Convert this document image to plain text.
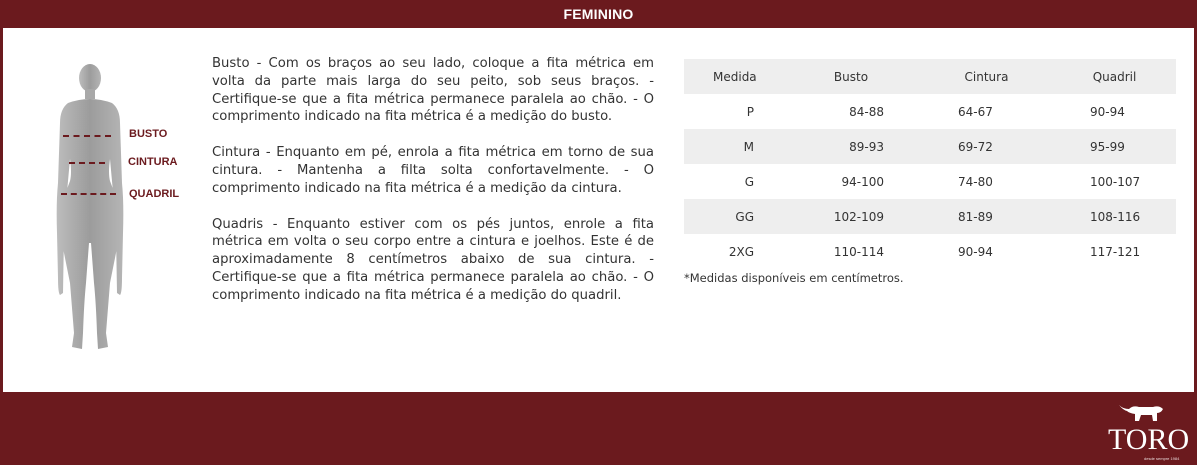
FEMININO
BUSTO
CINTURA
QUADRIL

Busto - Com os braços ao seu lado, coloque a fita métrica em volta da parte mais larga do seu peito, sob seus braços. - Certifique-se que a fita métrica permanece paralela ao chão. - O comprimento indicado na fita métrica é a medição do busto.

Cintura - Enquanto em pé, enrola a fita métrica em torno de sua cintura. - Mantenha a filta solta confortavelmente. - O comprimento indicado na fita métrica é a medição da cintura.

Quadris - Enquanto estiver com os pés juntos, enrole a fita métrica em volta o seu corpo entre a cintura e joelhos. Este é de aproximadamente 8 centímetros abaixo de sua cintura. - Certifique-se que a fita métrica permanece paralela ao chão. - O comprimento indicado na fita métrica é a medição do quadril.

Medida	Busto	Cintura	Quadril
P	84-88	64-67	90-94
M	89-93	69-72	95-99
G	94-100	74-80	100-107
GG	102-109	81-89	108-116
2XG	110-114	90-94	117-121
*Medidas disponíveis em centímetros.
TORO
desde sempre 1984
